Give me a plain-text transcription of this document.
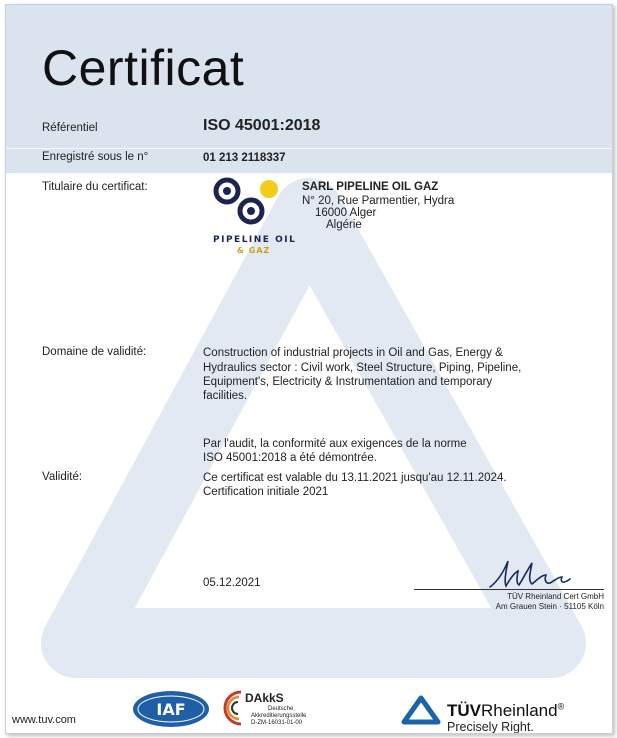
Certificat
Référentiel	ISO 45001:2018
Enregistré sous le n°	01 213 2118337
Titulaire du certificat:
PIPELINE OIL
& GAZ
SARL PIPELINE OIL GAZ
N° 20, Rue Parmentier, Hydra
16000 Alger
Algérie
Domaine de validité:	Construction of industrial projects in Oil and Gas, Energy &
Hydraulics sector : Civil work, Steel Structure, Piping, Pipeline,
Equipment's, Electricity & Instrumentation and temporary
facilities.
Par l'audit, la conformité aux exigences de la norme
ISO 45001:2018 a été démontrée.
Validité:	Ce certificat est valable du 13.11.2021 jusqu'au 12.11.2024.
Certification initiale 2021
05.12.2021
TÜV Rheinland Cert GmbH
Am Grauen Stein · 51105 Köln
www.tuv.com
IAF
DAkkS
Deutsche
Akkreditierungsstelle
D-ZM-16031-01-00
TÜVRheinland®
Precisely Right.
